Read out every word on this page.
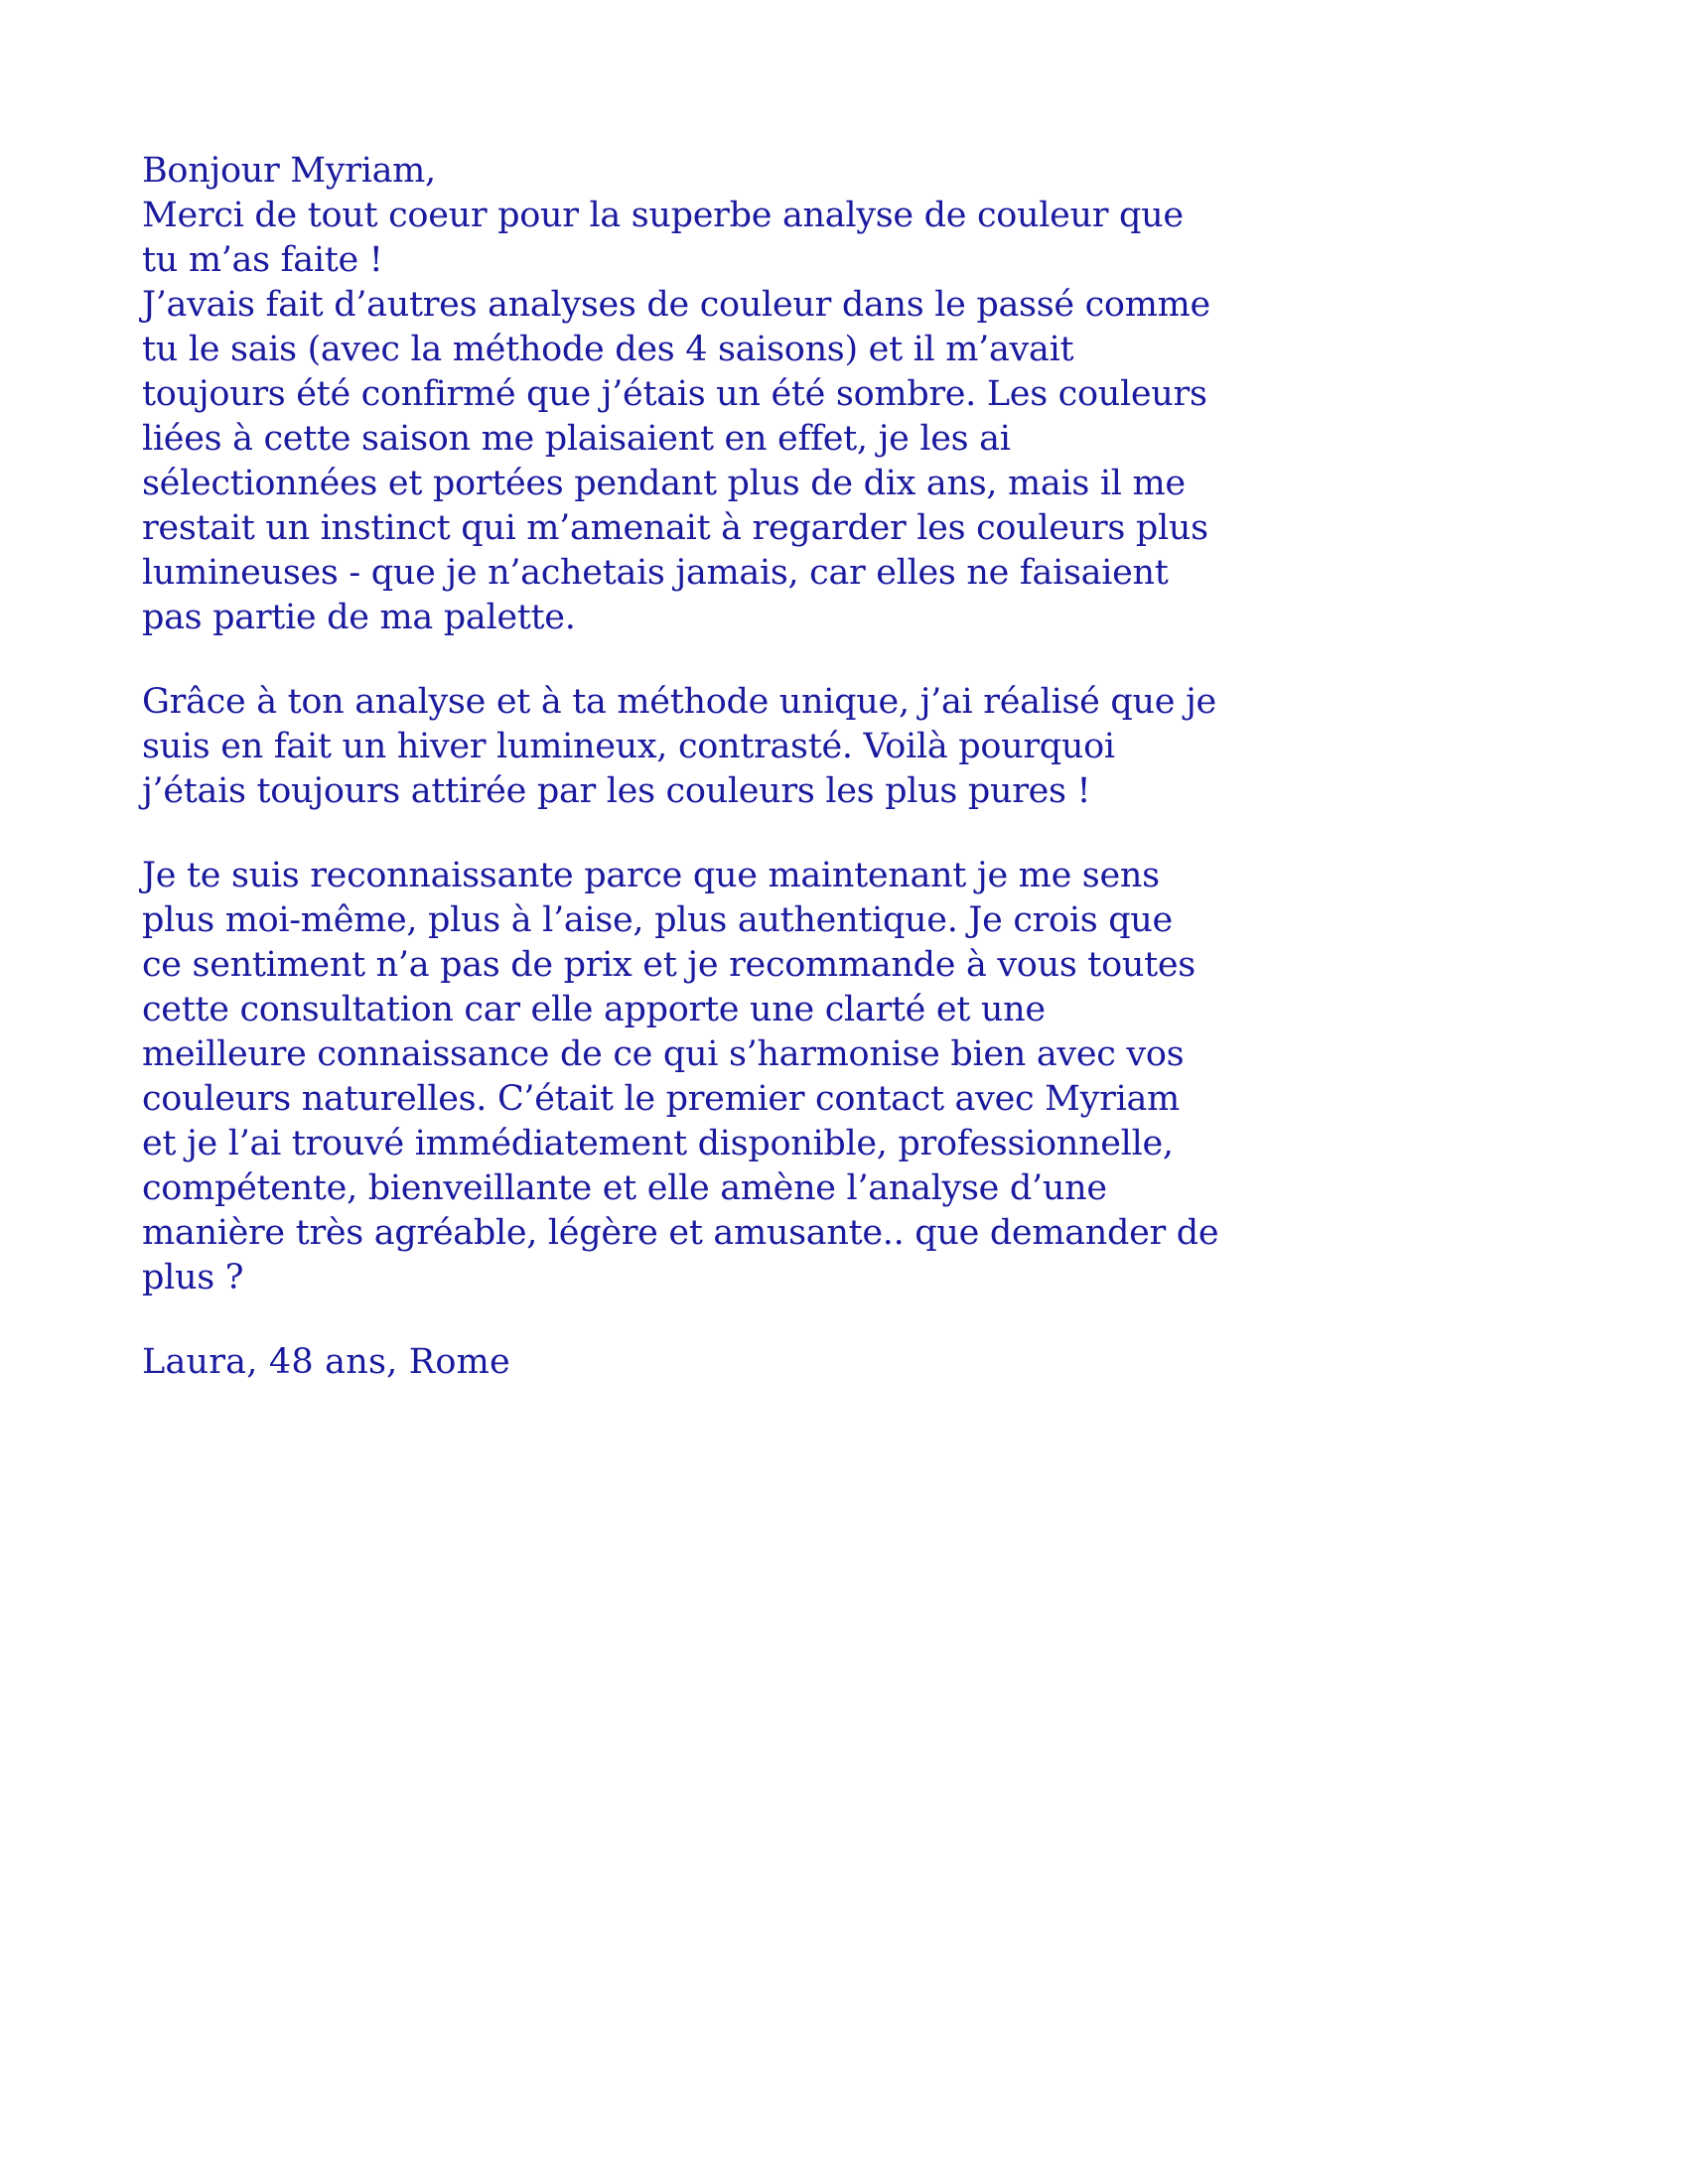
Bonjour Myriam,
Merci de tout coeur pour la superbe analyse de couleur que
tu m’as faite !
J’avais fait d’autres analyses de couleur dans le passé comme
tu le sais (avec la méthode des 4 saisons) et il m’avait
toujours été confirmé que j’étais un été sombre. Les couleurs
liées à cette saison me plaisaient en effet, je les ai
sélectionnées et portées pendant plus de dix ans, mais il me
restait un instinct qui m’amenait à regarder les couleurs plus
lumineuses - que je n’achetais jamais, car elles ne faisaient
pas partie de ma palette.
Grâce à ton analyse et à ta méthode unique, j’ai réalisé que je
suis en fait un hiver lumineux, contrasté. Voilà pourquoi
j’étais toujours attirée par les couleurs les plus pures !
Je te suis reconnaissante parce que maintenant je me sens
plus moi-même, plus à l’aise, plus authentique. Je crois que
ce sentiment n’a pas de prix et je recommande à vous toutes
cette consultation car elle apporte une clarté et une
meilleure connaissance de ce qui s’harmonise bien avec vos
couleurs naturelles. C’était le premier contact avec Myriam
et je l’ai trouvé immédiatement disponible, professionnelle,
compétente, bienveillante et elle amène l’analyse d’une
manière très agréable, légère et amusante.. que demander de
plus ?
Laura, 48 ans, Rome
